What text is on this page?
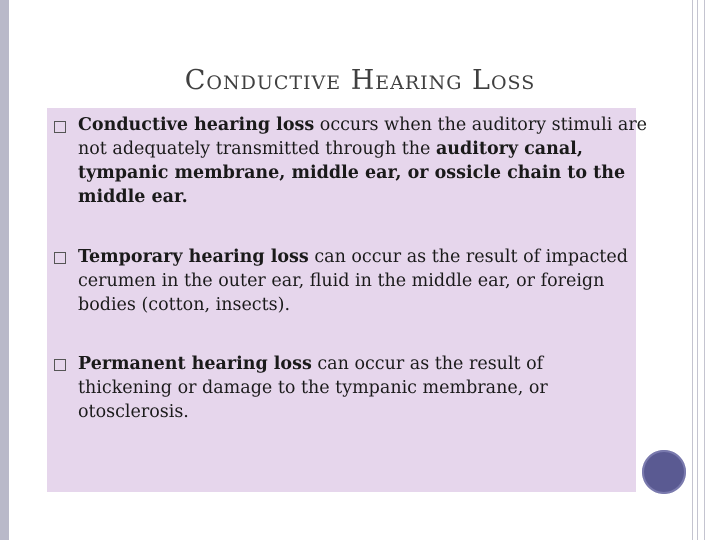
Conductive Hearing Loss
Conductive hearing loss occurs when the auditory stimuli are not adequately transmitted through the auditory canal, tympanic membrane, middle ear, or ossicle chain to the middle ear.
Temporary hearing loss can occur as the result of impacted cerumen in the outer ear, fluid in the middle ear, or foreign bodies (cotton, insects).
Permanent hearing loss can occur as the result of thickening or damage to the tympanic membrane, or otosclerosis.
